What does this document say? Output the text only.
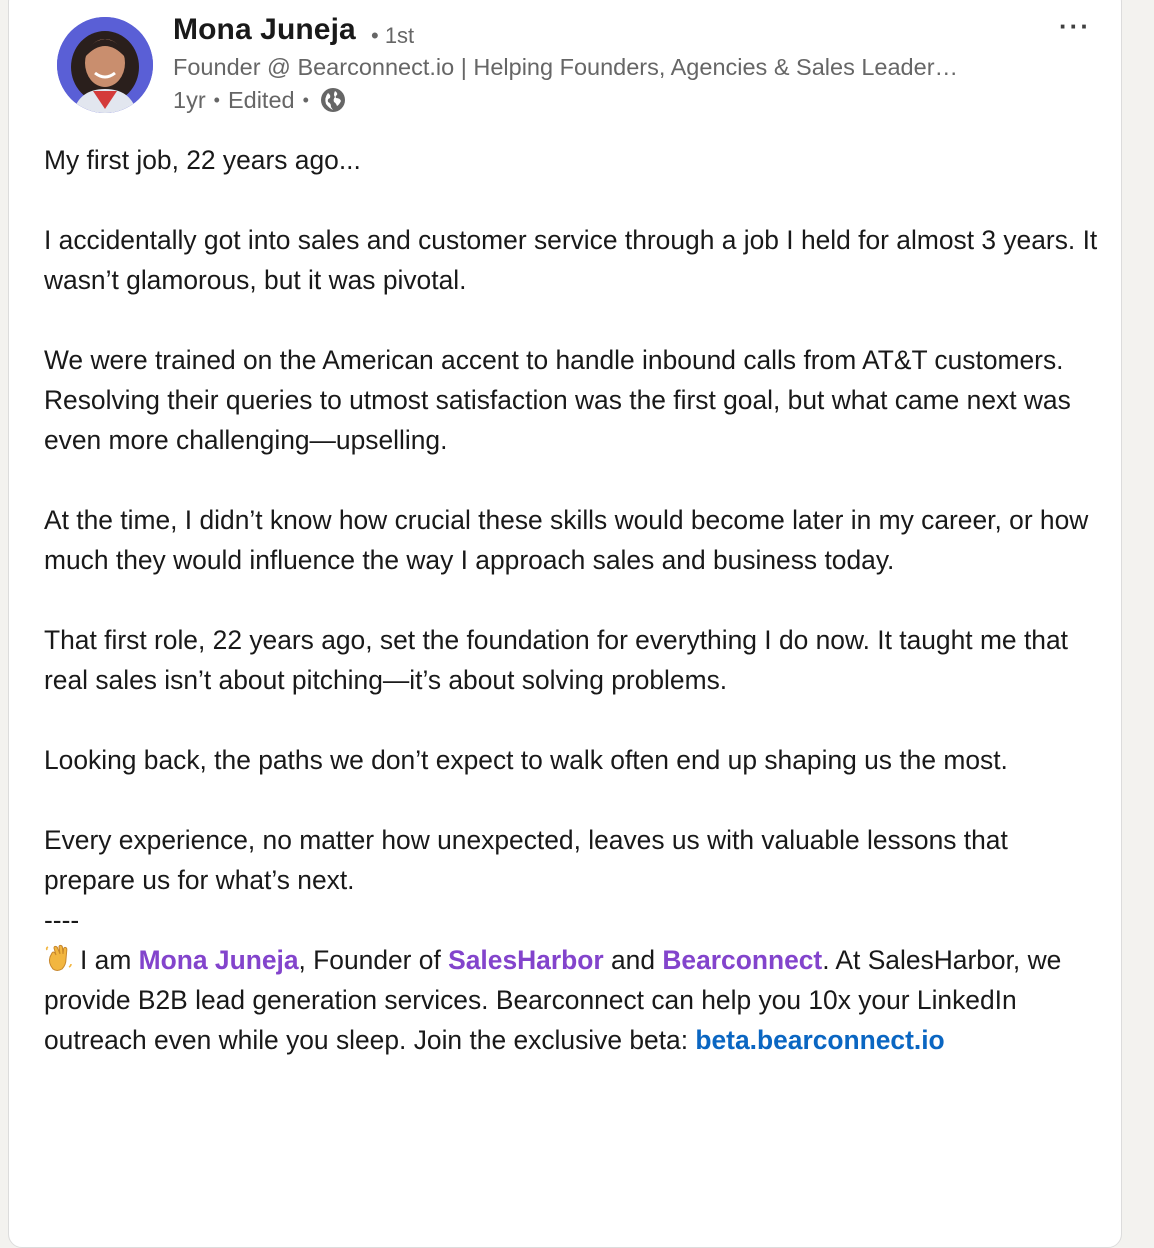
Mona Juneja • 1st
Founder @ Bearconnect.io | Helping Founders, Agencies & Sales Leader…
1yr • Edited •
···

My first job, 22 years ago...

I accidentally got into sales and customer service through a job I held for almost 3 years. It wasn’t glamorous, but it was pivotal.

We were trained on the American accent to handle inbound calls from AT&T customers. Resolving their queries to utmost satisfaction was the first goal, but what came next was even more challenging—upselling.

At the time, I didn’t know how crucial these skills would become later in my career, or how much they would influence the way I approach sales and business today.

That first role, 22 years ago, set the foundation for everything I do now. It taught me that real sales isn’t about pitching—it’s about solving problems.

Looking back, the paths we don’t expect to walk often end up shaping us the most.

Every experience, no matter how unexpected, leaves us with valuable lessons that prepare us for what’s next.

----

I am Mona Juneja, Founder of SalesHarbor and Bearconnect. At SalesHarbor, we provide B2B lead generation services. Bearconnect can help you 10x your LinkedIn outreach even while you sleep. Join the exclusive beta: beta.bearconnect.io
